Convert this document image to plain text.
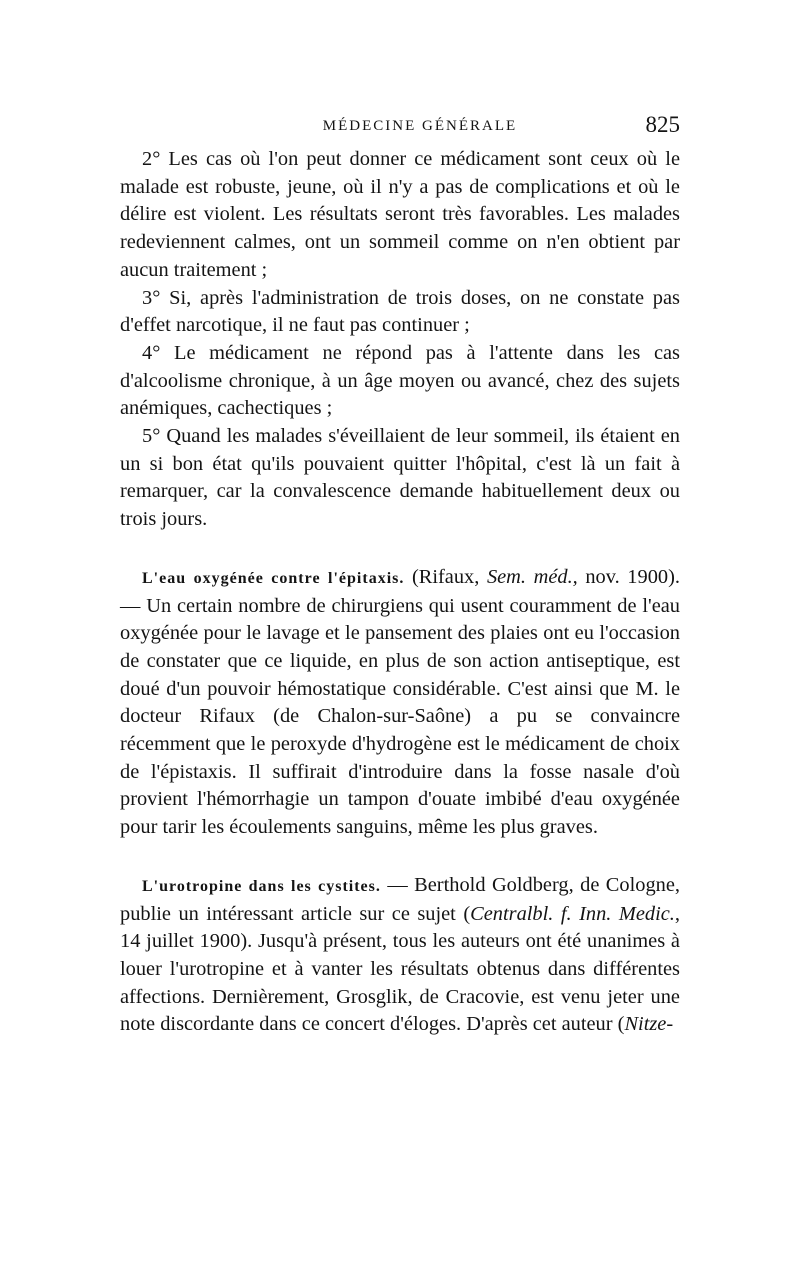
MÉDECINE GÉNÉRALE	825

2° Les cas où l'on peut donner ce médicament sont ceux où le malade est robuste, jeune, où il n'y a pas de complications et où le délire est violent. Les résultats seront très favorables. Les malades redeviennent calmes, ont un sommeil comme on n'en obtient par aucun traitement ;

3° Si, après l'administration de trois doses, on ne constate pas d'effet narcotique, il ne faut pas continuer ;

4° Le médicament ne répond pas à l'attente dans les cas d'alcoolisme chronique, à un âge moyen ou avancé, chez des sujets anémiques, cachectiques ;

5° Quand les malades s'éveillaient de leur sommeil, ils étaient en un si bon état qu'ils pouvaient quitter l'hôpital, c'est là un fait à remarquer, car la convalescence demande habituellement deux ou trois jours.

L'eau oxygénée contre l'épitaxis. (Rifaux, Sem. méd., nov. 1900). — Un certain nombre de chirurgiens qui usent couramment de l'eau oxygénée pour le lavage et le pansement des plaies ont eu l'occasion de constater que ce liquide, en plus de son action antiseptique, est doué d'un pouvoir hémostatique considérable. C'est ainsi que M. le docteur Rifaux (de Chalon-sur-Saône) a pu se convaincre récemment que le peroxyde d'hydrogène est le médicament de choix de l'épistaxis. Il suffirait d'introduire dans la fosse nasale d'où provient l'hémorrhagie un tampon d'ouate imbibé d'eau oxygénée pour tarir les écoulements sanguins, même les plus graves.

L'urotropine dans les cystites. — Berthold Goldberg, de Cologne, publie un intéressant article sur ce sujet (Centralbl. f. Inn. Medic., 14 juillet 1900). Jusqu'à présent, tous les auteurs ont été unanimes à louer l'urotropine et à vanter les résultats obtenus dans différentes affections. Dernièrement, Grosglik, de Cracovie, est venu jeter une note discordante dans ce concert d'éloges. D'après cet auteur (Nitze-
